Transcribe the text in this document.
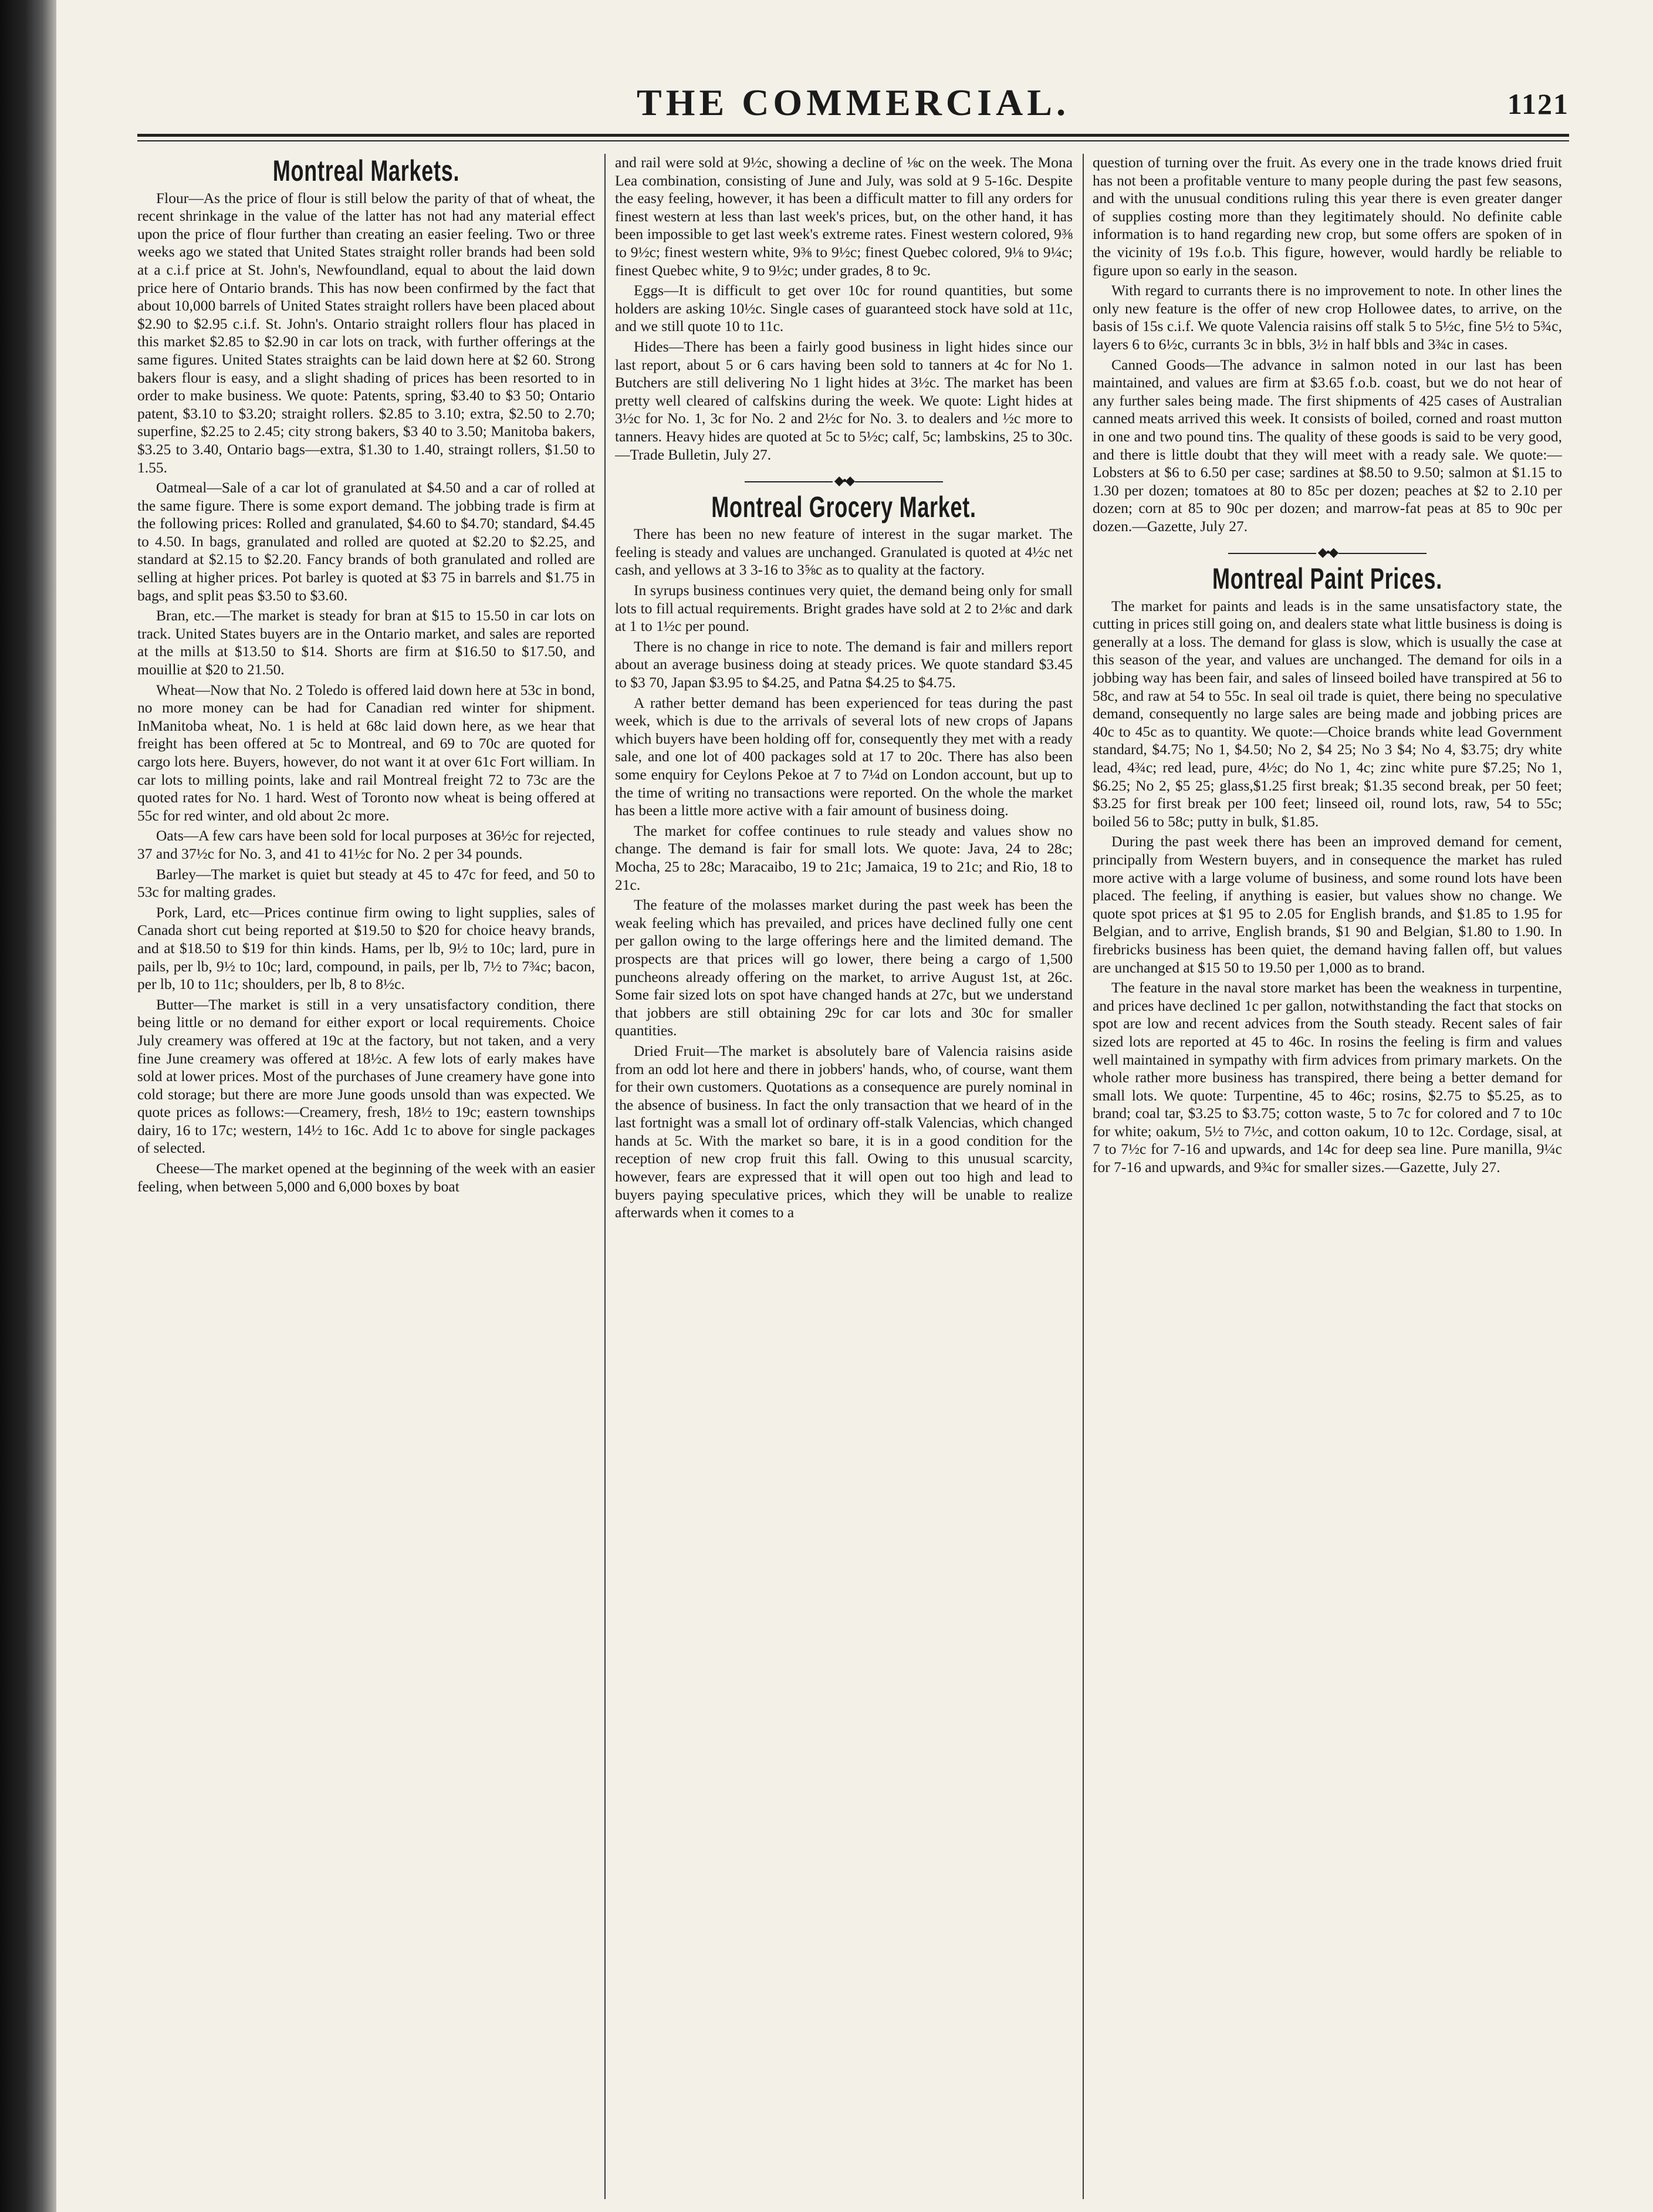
THE COMMERCIAL.	1121
Montreal Markets.

Flour—As the price of flour is still below the parity of that of wheat, the recent shrinkage in the value of the latter has not had any material effect upon the price of flour further than creating an easier feeling. Two or three weeks ago we stated that United States straight roller brands had been sold at a c.i.f price at St. John's, Newfoundland, equal to about the laid down price here of Ontario brands. This has now been confirmed by the fact that about 10,000 barrels of United States straight rollers have been placed about $2.90 to $2.95 c.i.f. St. John's. Ontario straight rollers flour has placed in this market $2.85 to $2.90 in car lots on track, with further offerings at the same figures. United States straights can be laid down here at $2 60. Strong bakers flour is easy, and a slight shading of prices has been resorted to in order to make business. We quote: Patents, spring, $3.40 to $3 50; Ontario patent, $3.10 to $3.20; straight rollers. $2.85 to 3.10; extra, $2.50 to 2.70; superfine, $2.25 to 2.45; city strong bakers, $3 40 to 3.50; Manitoba bakers, $3.25 to 3.40, Ontario bags—extra, $1.30 to 1.40, straingt rollers, $1.50 to 1.55.

Oatmeal—Sale of a car lot of granulated at $4.50 and a car of rolled at the same figure. There is some export demand. The jobbing trade is firm at the following prices: Rolled and granulated, $4.60 to $4.70; standard, $4.45 to 4.50. In bags, granulated and rolled are quoted at $2.20 to $2.25, and standard at $2.15 to $2.20. Fancy brands of both granulated and rolled are selling at higher prices. Pot barley is quoted at $3 75 in barrels and $1.75 in bags, and split peas $3.50 to $3.60.

Bran, etc.—The market is steady for bran at $15 to 15.50 in car lots on track. United States buyers are in the Ontario market, and sales are reported at the mills at $13.50 to $14. Shorts are firm at $16.50 to $17.50, and mouillie at $20 to 21.50.

Wheat—Now that No. 2 Toledo is offered laid down here at 53c in bond, no more money can be had for Canadian red winter for shipment. InManitoba wheat, No. 1 is held at 68c laid down here, as we hear that freight has been offered at 5c to Montreal, and 69 to 70c are quoted for cargo lots here. Buyers, however, do not want it at over 61c Fort william. In car lots to milling points, lake and rail Montreal freight 72 to 73c are the quoted rates for No. 1 hard. West of Toronto now wheat is being offered at 55c for red winter, and old about 2c more.

Oats—A few cars have been sold for local purposes at 36½c for rejected, 37 and 37½c for No. 3, and 41 to 41½c for No. 2 per 34 pounds.

Barley—The market is quiet but steady at 45 to 47c for feed, and 50 to 53c for malting grades.

Pork, Lard, etc—Prices continue firm owing to light supplies, sales of Canada short cut being reported at $19.50 to $20 for choice heavy brands, and at $18.50 to $19 for thin kinds. Hams, per lb, 9½ to 10c; lard, pure in pails, per lb, 9½ to 10c; lard, compound, in pails, per lb, 7½ to 7¾c; bacon, per lb, 10 to 11c; shoulders, per lb, 8 to 8½c.

Butter—The market is still in a very unsatisfactory condition, there being little or no demand for either export or local requirements. Choice July creamery was offered at 19c at the factory, but not taken, and a very fine June creamery was offered at 18½c. A few lots of early makes have sold at lower prices. Most of the purchases of June creamery have gone into cold storage; but there are more June goods unsold than was expected. We quote prices as follows:—Creamery, fresh, 18½ to 19c; eastern townships dairy, 16 to 17c; western, 14½ to 16c. Add 1c to above for single packages of selected.

Cheese—The market opened at the beginning of the week with an easier feeling, when between 5,000 and 6,000 boxes by boat

and rail were sold at 9½c, showing a decline of ⅛c on the week. The Mona Lea combination, consisting of June and July, was sold at 9 5-16c. Despite the easy feeling, however, it has been a difficult matter to fill any orders for finest western at less than last week's prices, but, on the other hand, it has been impossible to get last week's extreme rates. Finest western colored, 9⅜ to 9½c; finest western white, 9⅜ to 9½c; finest Quebec colored, 9⅛ to 9¼c; finest Quebec white, 9 to 9½c; under grades, 8 to 9c.

Eggs—It is difficult to get over 10c for round quantities, but some holders are asking 10½c. Single cases of guaranteed stock have sold at 11c, and we still quote 10 to 11c.

Hides—There has been a fairly good business in light hides since our last report, about 5 or 6 cars having been sold to tanners at 4c for No 1. Butchers are still delivering No 1 light hides at 3½c. The market has been pretty well cleared of calfskins during the week. We quote: Light hides at 3½c for No. 1, 3c for No. 2 and 2½c for No. 3. to dealers and ½c more to tanners. Heavy hides are quoted at 5c to 5½c; calf, 5c; lambskins, 25 to 30c.—Trade Bulletin, July 27.

◆•◆
Montreal Grocery Market.

There has been no new feature of interest in the sugar market. The feeling is steady and values are unchanged. Granulated is quoted at 4½c net cash, and yellows at 3 3-16 to 3⅝c as to quality at the factory.

In syrups business continues very quiet, the demand being only for small lots to fill actual requirements. Bright grades have sold at 2 to 2⅛c and dark at 1 to 1½c per pound.

There is no change in rice to note. The demand is fair and millers report about an average business doing at steady prices. We quote standard $3.45 to $3 70, Japan $3.95 to $4.25, and Patna $4.25 to $4.75.

A rather better demand has been experienced for teas during the past week, which is due to the arrivals of several lots of new crops of Japans which buyers have been holding off for, consequently they met with a ready sale, and one lot of 400 packages sold at 17 to 20c. There has also been some enquiry for Ceylons Pekoe at 7 to 7¼d on London account, but up to the time of writing no transactions were reported. On the whole the market has been a little more active with a fair amount of business doing.

The market for coffee continues to rule steady and values show no change. The demand is fair for small lots. We quote: Java, 24 to 28c; Mocha, 25 to 28c; Maracaibo, 19 to 21c; Jamaica, 19 to 21c; and Rio, 18 to 21c.

The feature of the molasses market during the past week has been the weak feeling which has prevailed, and prices have declined fully one cent per gallon owing to the large offerings here and the limited demand. The prospects are that prices will go lower, there being a cargo of 1,500 puncheons already offering on the market, to arrive August 1st, at 26c. Some fair sized lots on spot have changed hands at 27c, but we understand that jobbers are still obtaining 29c for car lots and 30c for smaller quantities.

Dried Fruit—The market is absolutely bare of Valencia raisins aside from an odd lot here and there in jobbers' hands, who, of course, want them for their own customers. Quotations as a consequence are purely nominal in the absence of business. In fact the only transaction that we heard of in the last fortnight was a small lot of ordinary off-stalk Valencias, which changed hands at 5c. With the market so bare, it is in a good condition for the reception of new crop fruit this fall. Owing to this unusual scarcity, however, fears are expressed that it will open out too high and lead to buyers paying speculative prices, which they will be unable to realize afterwards when it comes to a

question of turning over the fruit. As every one in the trade knows dried fruit has not been a profitable venture to many people during the past few seasons, and with the unusual conditions ruling this year there is even greater danger of supplies costing more than they legitimately should. No definite cable information is to hand regarding new crop, but some offers are spoken of in the vicinity of 19s f.o.b. This figure, however, would hardly be reliable to figure upon so early in the season.

With regard to currants there is no improvement to note. In other lines the only new feature is the offer of new crop Hollowee dates, to arrive, on the basis of 15s c.i.f. We quote Valencia raisins off stalk 5 to 5½c, fine 5½ to 5¾c, layers 6 to 6½c, currants 3c in bbls, 3½ in half bbls and 3¾c in cases.

Canned Goods—The advance in salmon noted in our last has been maintained, and values are firm at $3.65 f.o.b. coast, but we do not hear of any further sales being made. The first shipments of 425 cases of Australian canned meats arrived this week. It consists of boiled, corned and roast mutton in one and two pound tins. The quality of these goods is said to be very good, and there is little doubt that they will meet with a ready sale. We quote:—Lobsters at $6 to 6.50 per case; sardines at $8.50 to 9.50; salmon at $1.15 to 1.30 per dozen; tomatoes at 80 to 85c per dozen; peaches at $2 to 2.10 per dozen; corn at 85 to 90c per dozen; and marrow-fat peas at 85 to 90c per dozen.—Gazette, July 27.

◆•◆
Montreal Paint Prices.

The market for paints and leads is in the same unsatisfactory state, the cutting in prices still going on, and dealers state what little business is doing is generally at a loss. The demand for glass is slow, which is usually the case at this season of the year, and values are unchanged. The demand for oils in a jobbing way has been fair, and sales of linseed boiled have transpired at 56 to 58c, and raw at 54 to 55c. In seal oil trade is quiet, there being no speculative demand, consequently no large sales are being made and jobbing prices are 40c to 45c as to quantity. We quote:—Choice brands white lead Government standard, $4.75; No 1, $4.50; No 2, $4 25; No 3 $4; No 4, $3.75; dry white lead, 4¾c; red lead, pure, 4½c; do No 1, 4c; zinc white pure $7.25; No 1, $6.25; No 2, $5 25; glass,$1.25 first break; $1.35 second break, per 50 feet; $3.25 for first break per 100 feet; linseed oil, round lots, raw, 54 to 55c; boiled 56 to 58c; putty in bulk, $1.85.

During the past week there has been an improved demand for cement, principally from Western buyers, and in consequence the market has ruled more active with a large volume of business, and some round lots have been placed. The feeling, if anything is easier, but values show no change. We quote spot prices at $1 95 to 2.05 for English brands, and $1.85 to 1.95 for Belgian, and to arrive, English brands, $1 90 and Belgian, $1.80 to 1.90. In firebricks business has been quiet, the demand having fallen off, but values are unchanged at $15 50 to 19.50 per 1,000 as to brand.

The feature in the naval store market has been the weakness in turpentine, and prices have declined 1c per gallon, notwithstanding the fact that stocks on spot are low and recent advices from the South steady. Recent sales of fair sized lots are reported at 45 to 46c. In rosins the feeling is firm and values well maintained in sympathy with firm advices from primary markets. On the whole rather more business has transpired, there being a better demand for small lots. We quote: Turpentine, 45 to 46c; rosins, $2.75 to $5.25, as to brand; coal tar, $3.25 to $3.75; cotton waste, 5 to 7c for colored and 7 to 10c for white; oakum, 5½ to 7½c, and cotton oakum, 10 to 12c. Cordage, sisal, at 7 to 7½c for 7-16 and upwards, and 14c for deep sea line. Pure manilla, 9¼c for 7-16 and upwards, and 9¾c for smaller sizes.—Gazette, July 27.
